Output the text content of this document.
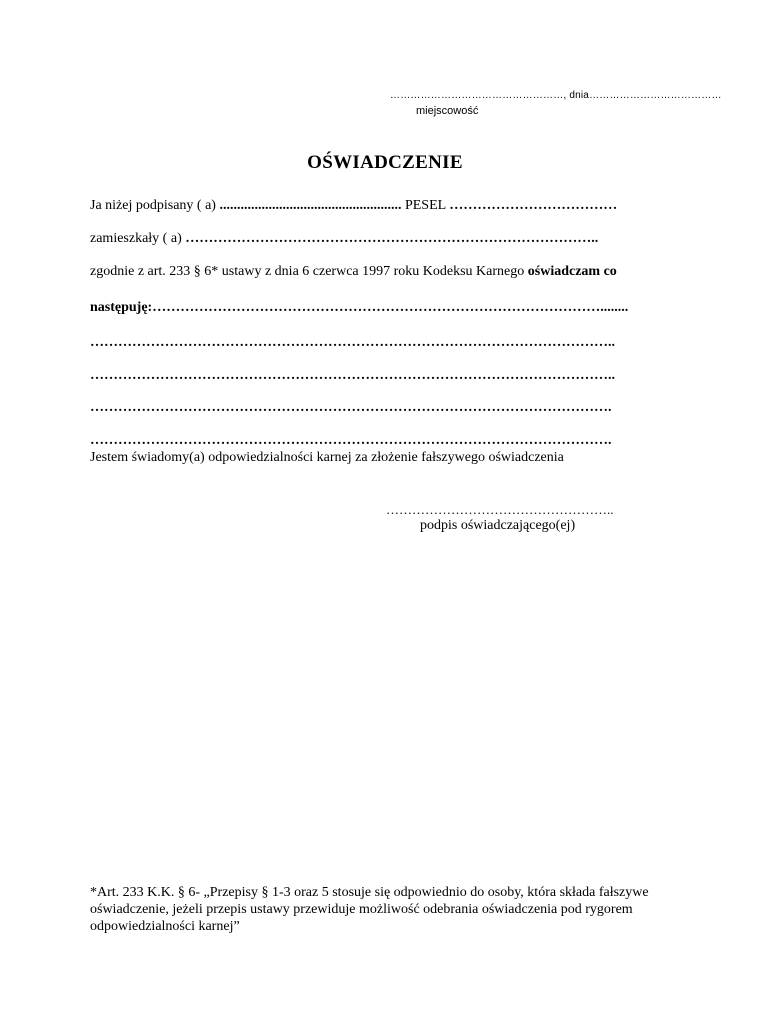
……………………………………………, dnia…………………………………
miejscowość
OŚWIADCZENIE
Ja niżej podpisany ( a) .................................................... PESEL ………………………………
zamieszkały ( a) ……………………………………………………………………………..
zgodnie z art. 233 § 6* ustawy z dnia 6 czerwca 1997 roku Kodeksu Karnego oświadczam co
następuję:……………………………………………………………………………………........
…………………………………………………………………………………………………..
…………………………………………………………………………………………………..
………………………………………………………………………………………………….
………………………………………………………………………………………………….
Jestem świadomy(a) odpowiedzialności karnej za złożenie fałszywego oświadczenia
……………………………………………..
podpis oświadczającego(ej)
*Art. 233 K.K. § 6- „Przepisy § 1-3 oraz 5 stosuje się odpowiednio do osoby, która składa fałszywe oświadczenie, jeżeli przepis ustawy przewiduje możliwość odebrania oświadczenia pod rygorem odpowiedzialności karnej”
